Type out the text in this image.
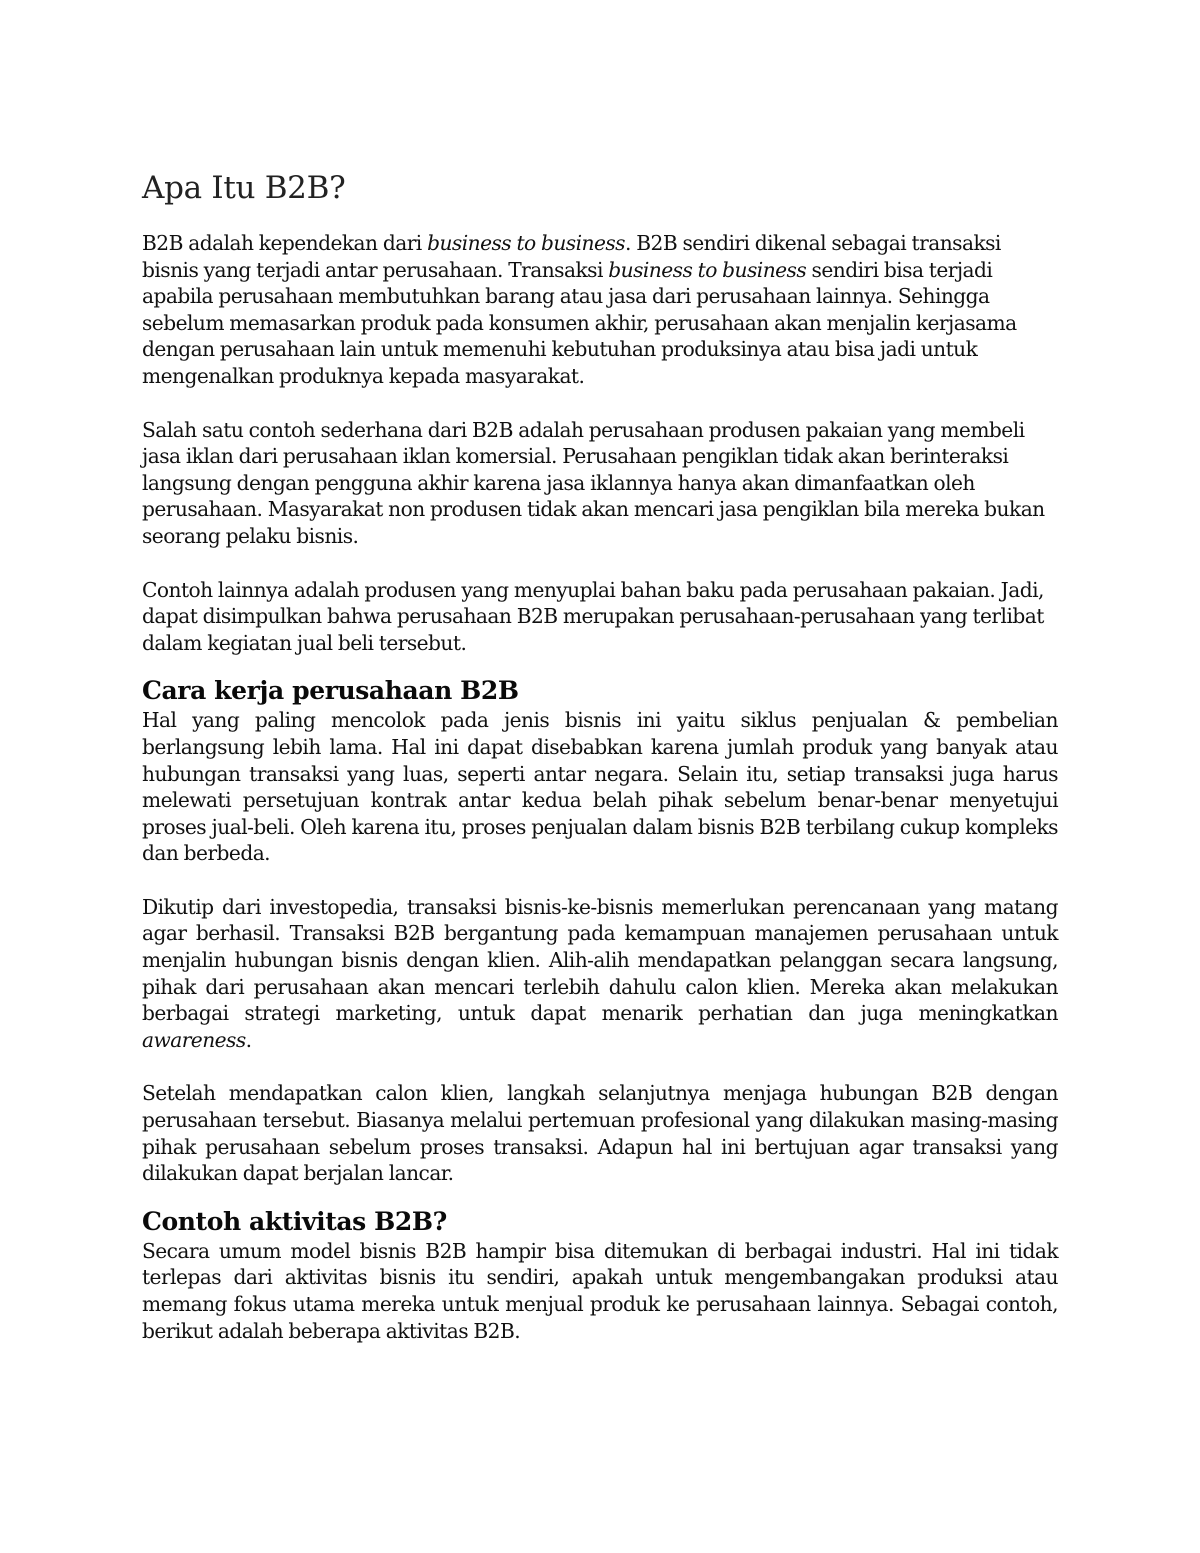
Apa Itu B2B?

B2B adalah kependekan dari business to business. B2B sendiri dikenal sebagai transaksi bisnis yang terjadi antar perusahaan. Transaksi business to business sendiri bisa terjadi apabila perusahaan membutuhkan barang atau jasa dari perusahaan lainnya. Sehingga sebelum memasarkan produk pada konsumen akhir, perusahaan akan menjalin kerjasama dengan perusahaan lain untuk memenuhi kebutuhan produksinya atau bisa jadi untuk mengenalkan produknya kepada masyarakat.

Salah satu contoh sederhana dari B2B adalah perusahaan produsen pakaian yang membeli jasa iklan dari perusahaan iklan komersial. Perusahaan pengiklan tidak akan berinteraksi langsung dengan pengguna akhir karena jasa iklannya hanya akan dimanfaatkan oleh perusahaan. Masyarakat non produsen tidak akan mencari jasa pengiklan bila mereka bukan seorang pelaku bisnis.

Contoh lainnya adalah produsen yang menyuplai bahan baku pada perusahaan pakaian. Jadi, dapat disimpulkan bahwa perusahaan B2B merupakan perusahaan-perusahaan yang terlibat dalam kegiatan jual beli tersebut.

Cara kerja perusahaan B2B

Hal yang paling mencolok pada jenis bisnis ini yaitu siklus penjualan & pembelian berlangsung lebih lama. Hal ini dapat disebabkan karena jumlah produk yang banyak atau hubungan transaksi yang luas, seperti antar negara. Selain itu, setiap transaksi juga harus melewati persetujuan kontrak antar kedua belah pihak sebelum benar-benar menyetujui proses jual-beli. Oleh karena itu, proses penjualan dalam bisnis B2B terbilang cukup kompleks dan berbeda.

Dikutip dari investopedia, transaksi bisnis-ke-bisnis memerlukan perencanaan yang matang agar berhasil. Transaksi B2B bergantung pada kemampuan manajemen perusahaan untuk menjalin hubungan bisnis dengan klien. Alih-alih mendapatkan pelanggan secara langsung, pihak dari perusahaan akan mencari terlebih dahulu calon klien. Mereka akan melakukan berbagai strategi marketing, untuk dapat menarik perhatian dan juga meningkatkan awareness.

Setelah mendapatkan calon klien, langkah selanjutnya menjaga hubungan B2B dengan perusahaan tersebut. Biasanya melalui pertemuan profesional yang dilakukan masing-masing pihak perusahaan sebelum proses transaksi. Adapun hal ini bertujuan agar transaksi yang dilakukan dapat berjalan lancar.

Contoh aktivitas B2B?

Secara umum model bisnis B2B hampir bisa ditemukan di berbagai industri. Hal ini tidak terlepas dari aktivitas bisnis itu sendiri, apakah untuk mengembangakan produksi atau memang fokus utama mereka untuk menjual produk ke perusahaan lainnya. Sebagai contoh, berikut adalah beberapa aktivitas B2B.
